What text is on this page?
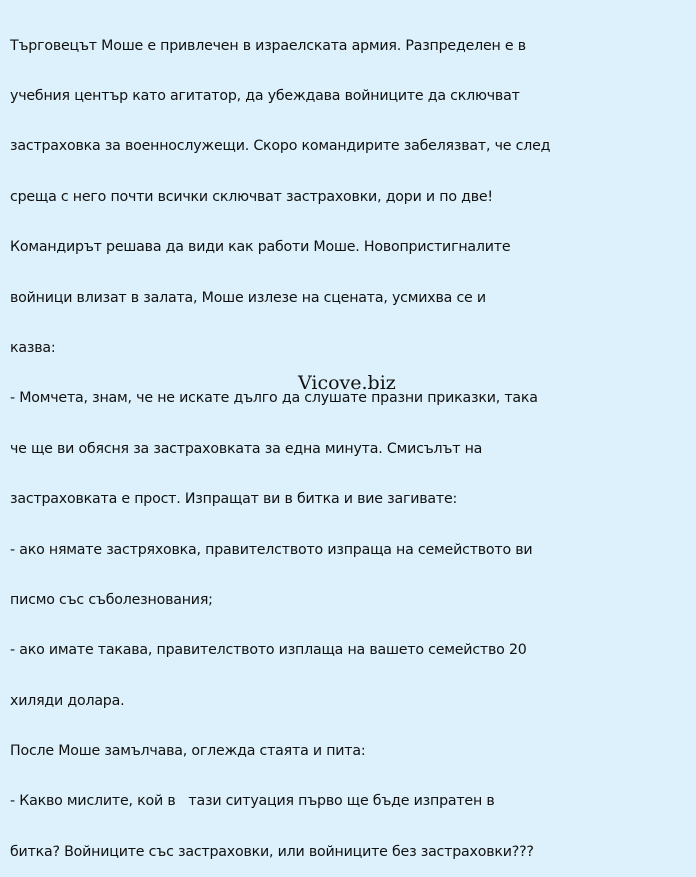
Търговецът Моше е привлечен в израелската армия. Разпределен е в

учебния център като агитатор, да убеждава войниците да сключват

застраховка за военнослужещи. Скоро командирите забелязват, че след

среща с него почти всички сключват застраховки, дори и по две!

Командирът решава да види как работи Моше. Новопристигналите

войници влизат в залата, Моше излезе на сцената, усмихва се и

казва:

- Момчета, знам, че не искате дълго да слушате празни приказки, така

че ще ви обясня за застраховката за една минута. Смисълът на

застраховката е прост. Изпращат ви в битка и вие загивате:

- ако нямате застряховка, правителството изпраща на семейството ви

писмо със съболезнования;

- ако имате такава, правителството изплаща на вашето семейство 20

хиляди долара.

После Моше замълчава, оглежда стаята и пита:

- Какво мислите, кой в   тази ситуация първо ще бъде изпратен в

битка? Войниците със застраховки, или войниците без застраховки???

Vicove.biz
